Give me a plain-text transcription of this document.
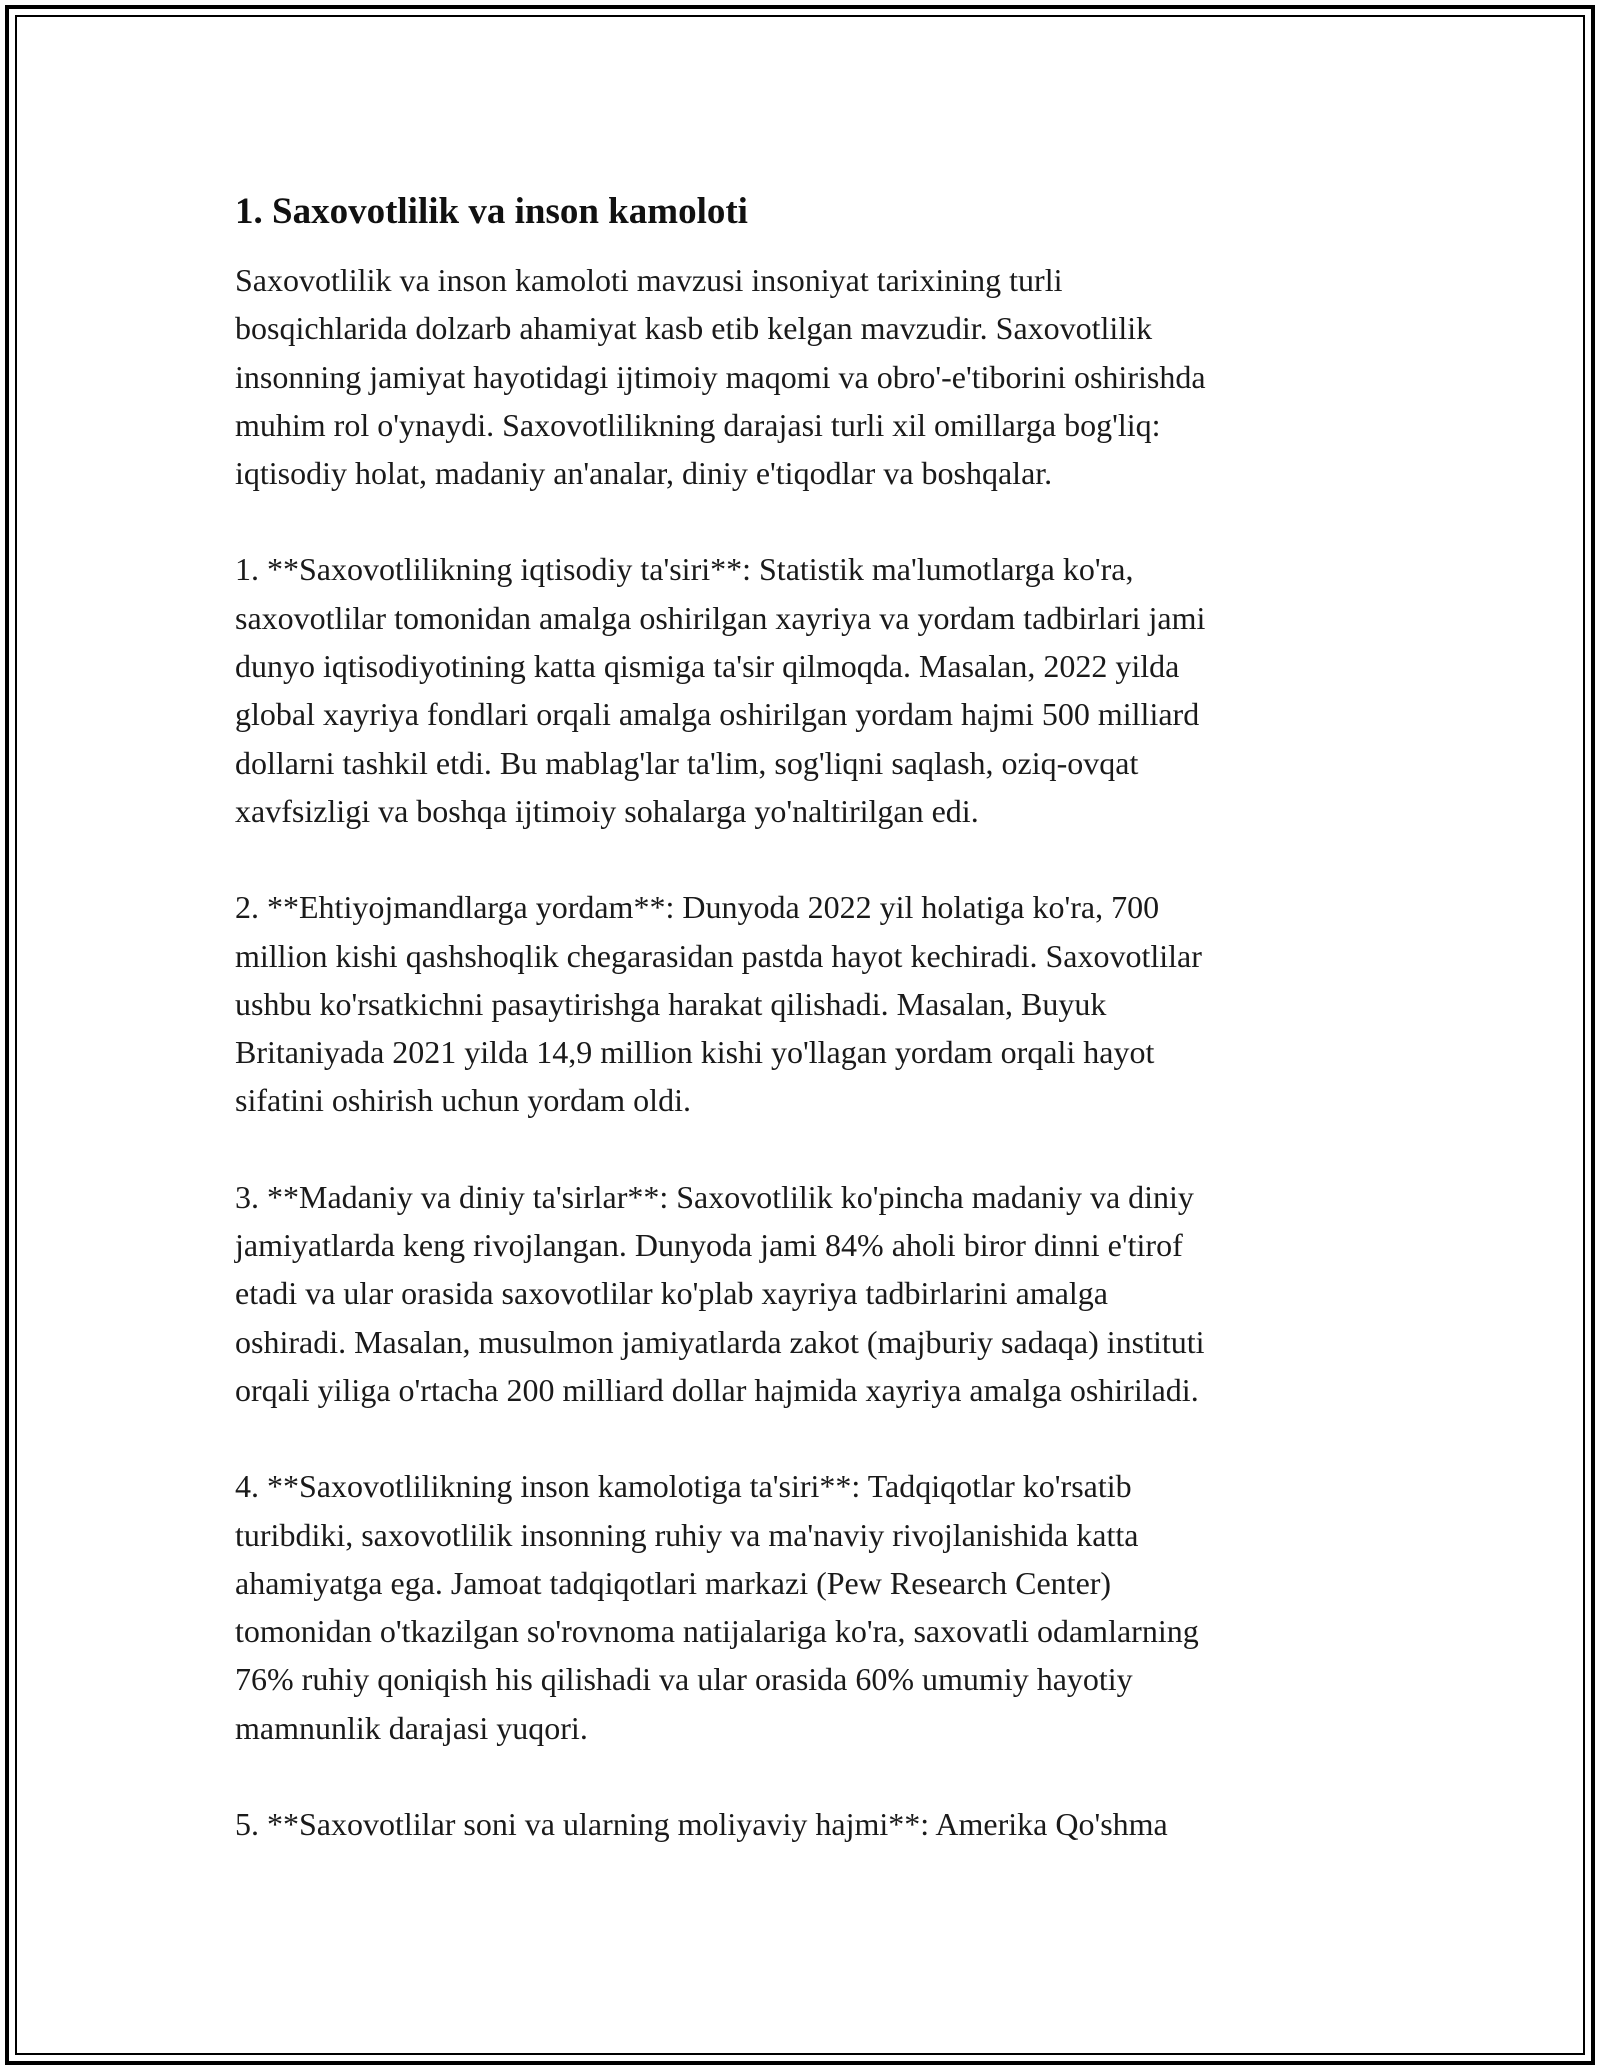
1. Saxovotlilik va inson kamoloti
Saxovotlilik va inson kamoloti mavzusi insoniyat tarixining turli
bosqichlarida dolzarb ahamiyat kasb etib kelgan mavzudir. Saxovotlilik
insonning jamiyat hayotidagi ijtimoiy maqomi va obro'-e'tiborini oshirishda
muhim rol o'ynaydi. Saxovotlilikning darajasi turli xil omillarga bog'liq:
iqtisodiy holat, madaniy an'analar, diniy e'tiqodlar va boshqalar.
1. **Saxovotlilikning iqtisodiy ta'siri**: Statistik ma'lumotlarga ko'ra,
saxovotlilar tomonidan amalga oshirilgan xayriya va yordam tadbirlari jami
dunyo iqtisodiyotining katta qismiga ta'sir qilmoqda. Masalan, 2022 yilda
global xayriya fondlari orqali amalga oshirilgan yordam hajmi 500 milliard
dollarni tashkil etdi. Bu mablag'lar ta'lim, sog'liqni saqlash, oziq-ovqat
xavfsizligi va boshqa ijtimoiy sohalarga yo'naltirilgan edi.
2. **Ehtiyojmandlarga yordam**: Dunyoda 2022 yil holatiga ko'ra, 700
million kishi qashshoqlik chegarasidan pastda hayot kechiradi. Saxovotlilar
ushbu ko'rsatkichni pasaytirishga harakat qilishadi. Masalan, Buyuk
Britaniyada 2021 yilda 14,9 million kishi yo'llagan yordam orqali hayot
sifatini oshirish uchun yordam oldi.
3. **Madaniy va diniy ta'sirlar**: Saxovotlilik ko'pincha madaniy va diniy
jamiyatlarda keng rivojlangan. Dunyoda jami 84% aholi biror dinni e'tirof
etadi va ular orasida saxovotlilar ko'plab xayriya tadbirlarini amalga
oshiradi. Masalan, musulmon jamiyatlarda zakot (majburiy sadaqa) instituti
orqali yiliga o'rtacha 200 milliard dollar hajmida xayriya amalga oshiriladi.
4. **Saxovotlilikning inson kamolotiga ta'siri**: Tadqiqotlar ko'rsatib
turibdiki, saxovotlilik insonning ruhiy va ma'naviy rivojlanishida katta
ahamiyatga ega. Jamoat tadqiqotlari markazi (Pew Research Center)
tomonidan o'tkazilgan so'rovnoma natijalariga ko'ra, saxovatli odamlarning
76% ruhiy qoniqish his qilishadi va ular orasida 60% umumiy hayotiy
mamnunlik darajasi yuqori.
5. **Saxovotlilar soni va ularning moliyaviy hajmi**: Amerika Qo'shma
